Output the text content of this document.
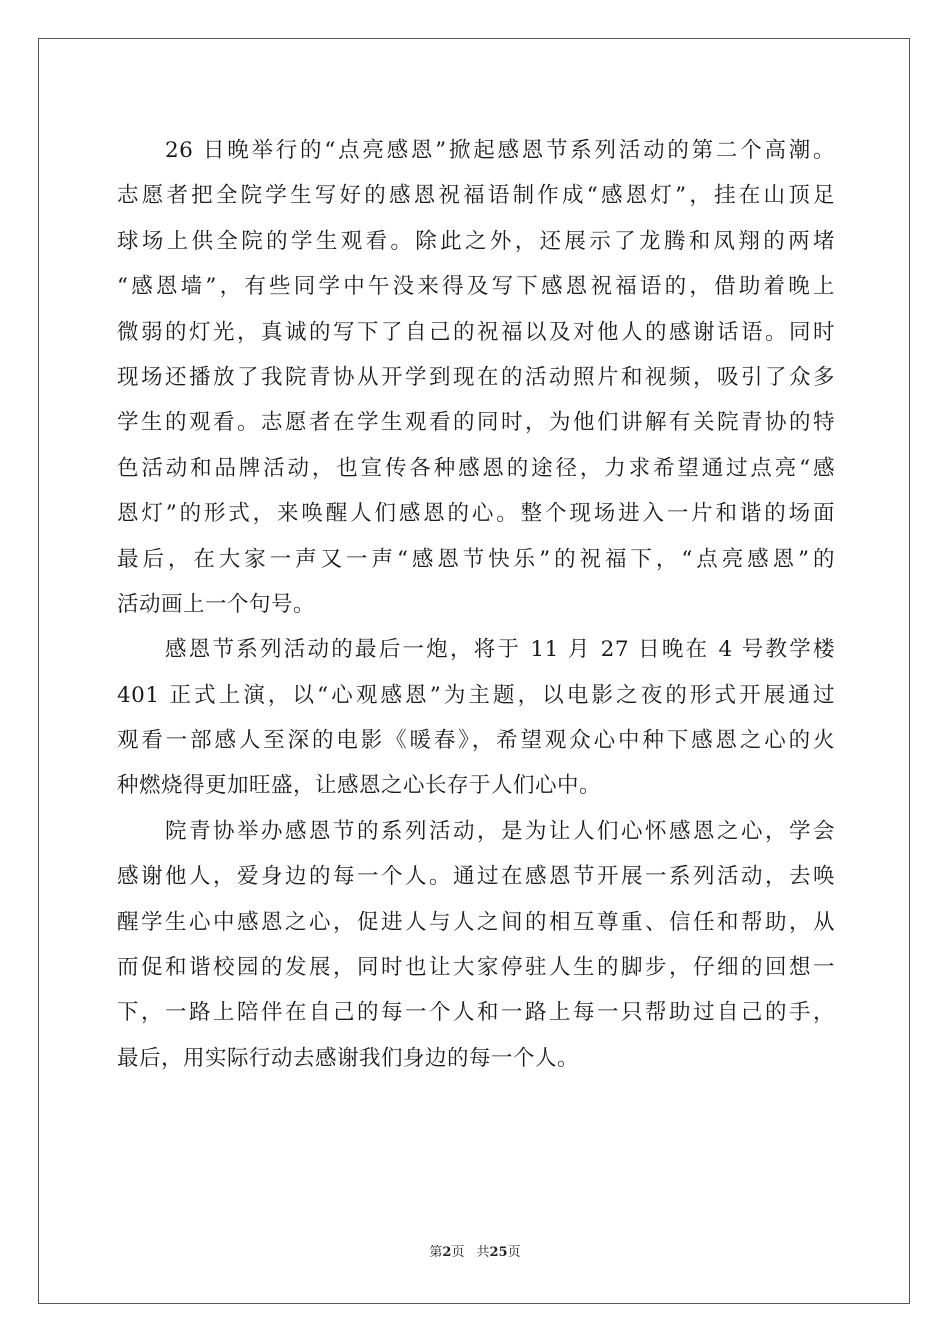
26 日晚举行的“点亮感恩”掀起感恩节系列活动的第二个高潮。
志愿者把全院学生写好的感恩祝福语制作成“感恩灯”，挂在山顶足
球场上供全院的学生观看。除此之外，还展示了龙腾和凤翔的两堵
“感恩墙”，有些同学中午没来得及写下感恩祝福语的，借助着晚上
微弱的灯光，真诚的写下了自己的祝福以及对他人的感谢话语。同时
现场还播放了我院青协从开学到现在的活动照片和视频，吸引了众多
学生的观看。志愿者在学生观看的同时，为他们讲解有关院青协的特
色活动和品牌活动，也宣传各种感恩的途径，力求希望通过点亮“感
恩灯”的形式，来唤醒人们感恩的心。整个现场进入一片和谐的场面
最后，在大家一声又一声“感恩节快乐”的祝福下，“点亮感恩”的
活动画上一个句号。
感恩节系列活动的最后一炮，将于 11 月 27 日晚在 4 号教学楼
401 正式上演，以“心观感恩”为主题，以电影之夜的形式开展通过
观看一部感人至深的电影《暖春》，希望观众心中种下感恩之心的火
种燃烧得更加旺盛，让感恩之心长存于人们心中。
院青协举办感恩节的系列活动，是为让人们心怀感恩之心，学会
感谢他人，爱身边的每一个人。通过在感恩节开展一系列活动，去唤
醒学生心中感恩之心，促进人与人之间的相互尊重、信任和帮助，从
而促和谐校园的发展，同时也让大家停驻人生的脚步，仔细的回想一
下，一路上陪伴在自己的每一个人和一路上每一只帮助过自己的手，
最后，用实际行动去感谢我们身边的每一个人。
第2页 共25页
